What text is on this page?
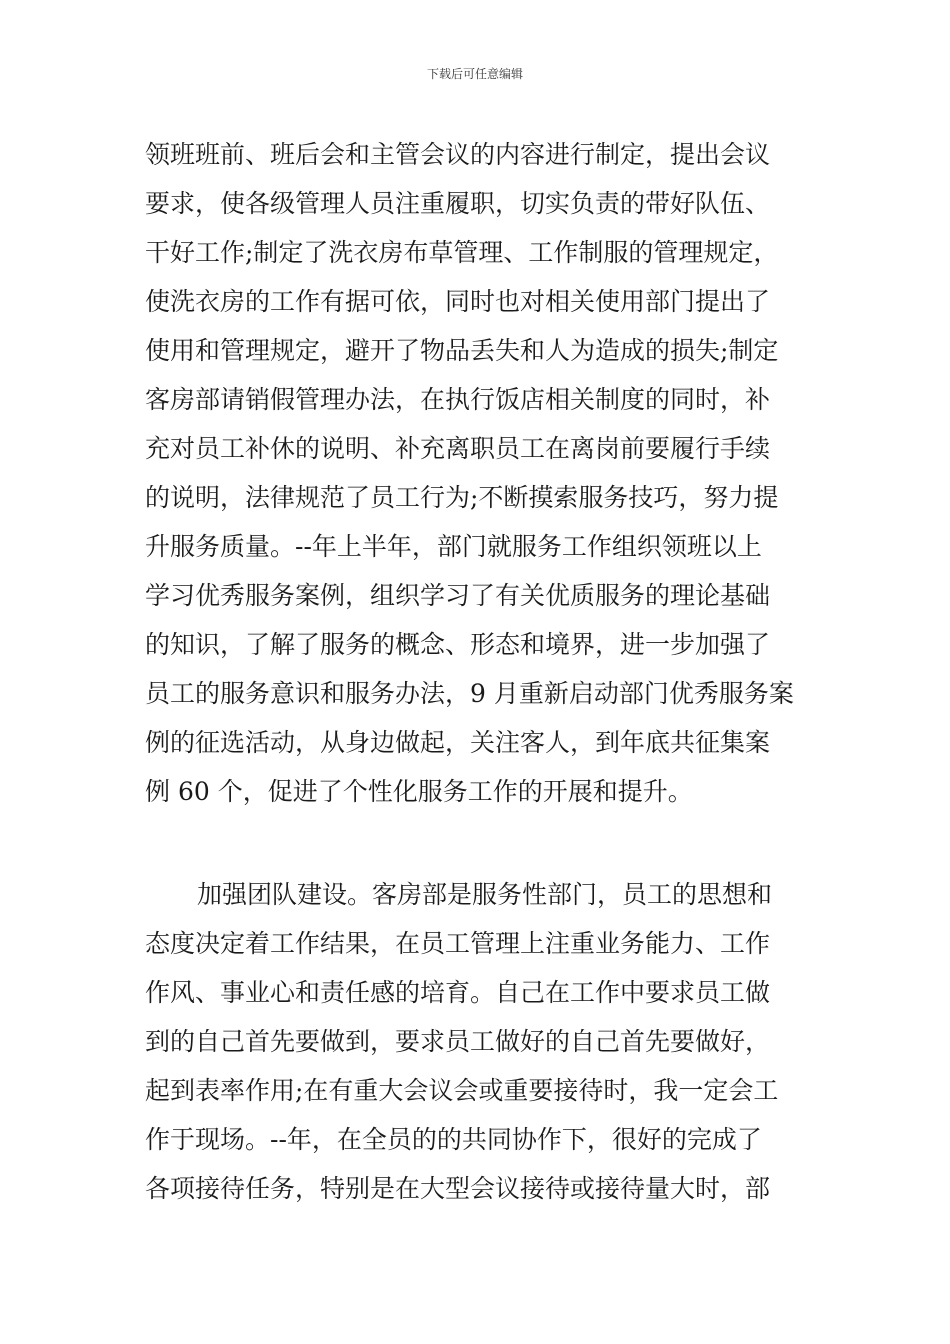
下载后可任意编辑
领班班前、班后会和主管会议的内容进行制定，提出会议
要求，使各级管理人员注重履职，切实负责的带好队伍、
干好工作;制定了洗衣房布草管理、工作制服的管理规定，
使洗衣房的工作有据可依，同时也对相关使用部门提出了
使用和管理规定，避开了物品丢失和人为造成的损失;制定
客房部请销假管理办法，在执行饭店相关制度的同时，补
充对员工补休的说明、补充离职员工在离岗前要履行手续
的说明，法律规范了员工行为;不断摸索服务技巧，努力提
升服务质量。--年上半年，部门就服务工作组织领班以上
学习优秀服务案例，组织学习了有关优质服务的理论基础
的知识，了解了服务的概念、形态和境界，进一步加强了
员工的服务意识和服务办法，9 月重新启动部门优秀服务案
例的征选活动，从身边做起，关注客人，到年底共征集案
例 60 个，促进了个性化服务工作的开展和提升。
加强团队建设。客房部是服务性部门，员工的思想和
态度决定着工作结果，在员工管理上注重业务能力、工作
作风、事业心和责任感的培育。自己在工作中要求员工做
到的自己首先要做到，要求员工做好的自己首先要做好，
起到表率作用;在有重大会议会或重要接待时，我一定会工
作于现场。--年，在全员的的共同协作下，很好的完成了
各项接待任务，特别是在大型会议接待或接待量大时，部
